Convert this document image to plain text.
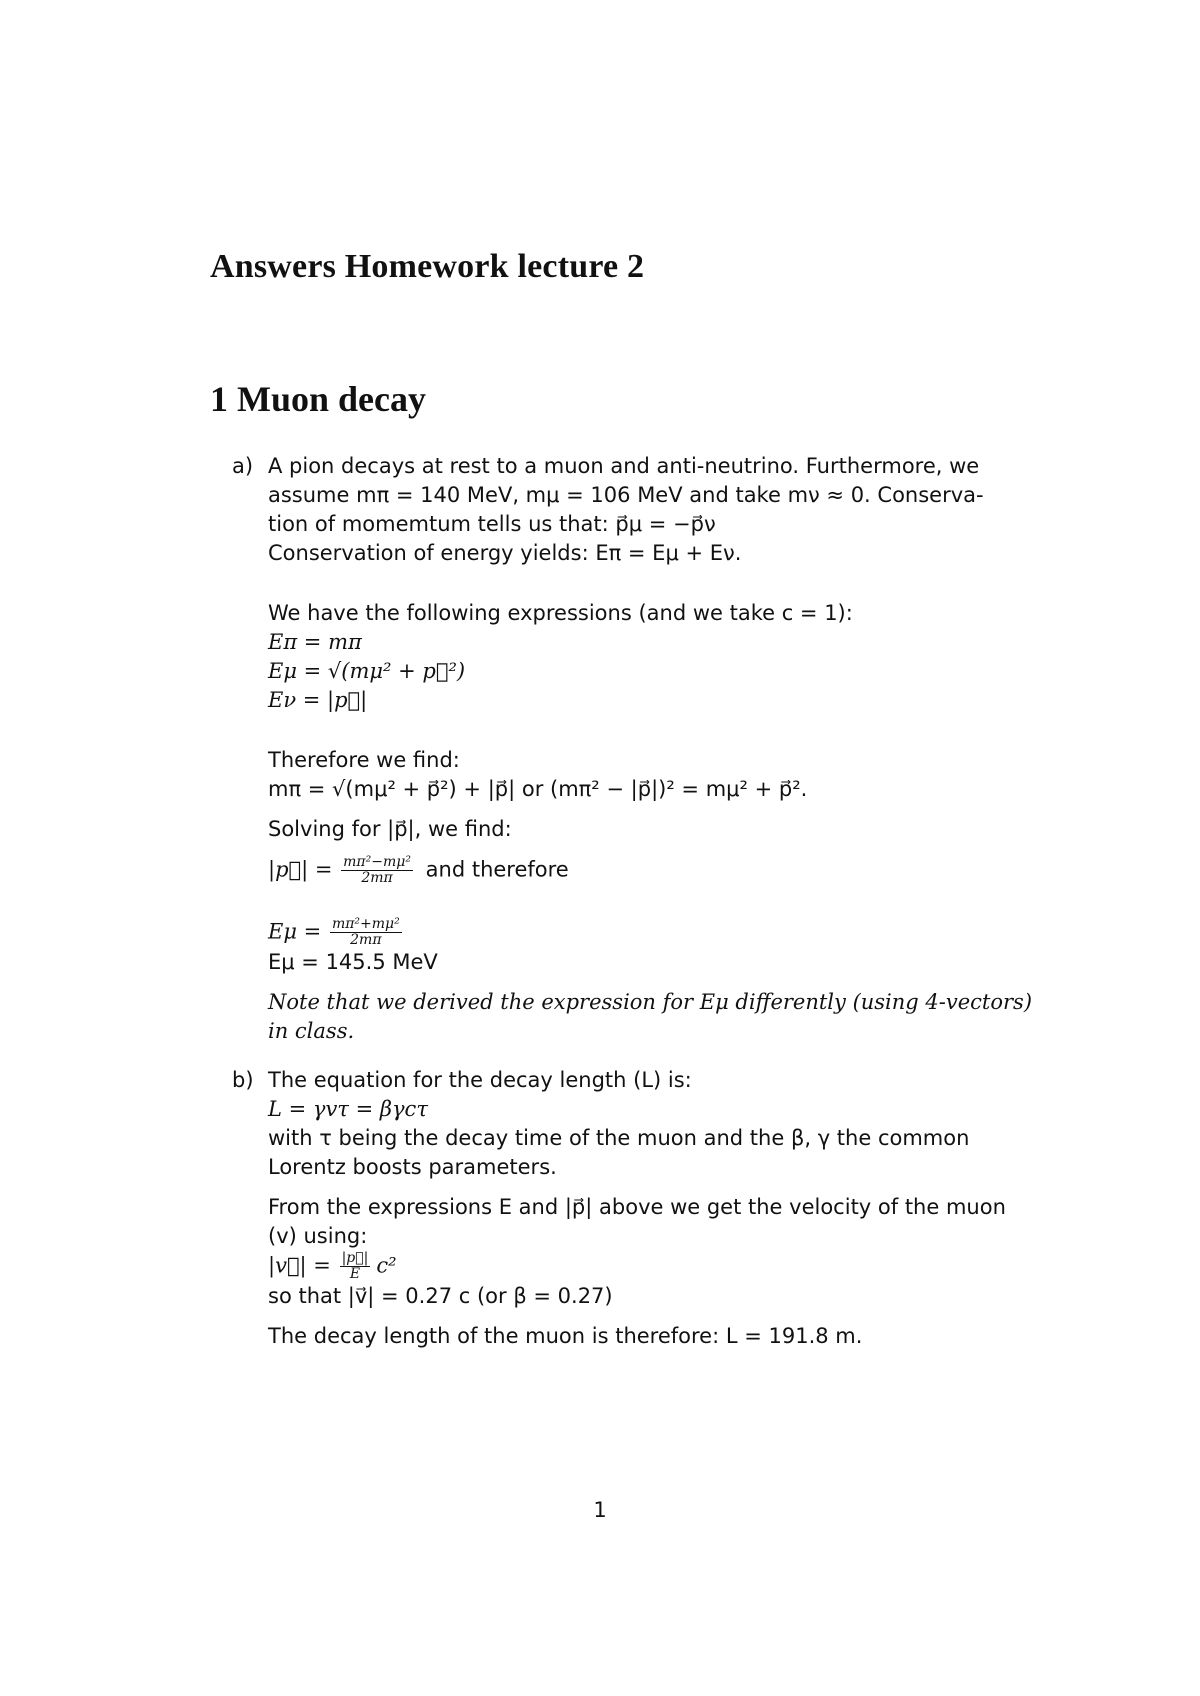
Answers Homework lecture 2
1 Muon decay
a) A pion decays at rest to a muon and anti-neutrino. Furthermore, we
assume mπ = 140 MeV, mμ = 106 MeV and take mν ≈ 0. Conserva-
tion of momemtum tells us that: p⃗μ = −p⃗ν
Conservation of energy yields: Eπ = Eμ + Eν.
We have the following expressions (and we take c = 1):
Eπ = mπ
Eμ = √(mμ² + p⃗²)
Eν = |p⃗|
Therefore we find:
mπ = √(mμ² + p⃗²) + |p⃗| or (mπ² − |p⃗|)² = mμ² + p⃗².
Solving for |p⃗|, we find:
|p⃗| = $\frac{\text{mπ²−mμ²}}{2m\pi}$ and therefore
$E\mu = \frac{\text{mπ²+mμ²}}{2m\pi}$
Eμ = 145.5 MeV
Note that we derived the expression for Eμ differently (using 4-vectors)
in class.
b) The equation for the decay length (L) is:
L = γvτ = βγcτ
with τ being the decay time of the muon and the β, γ the common
Lorentz boosts parameters.
From the expressions E and |p⃗| above we get the velocity of the muon
(v) using:
|v⃗| = $\frac{|p⃗|}{E} c^2$
so that |v⃗| = 0.27 c (or β = 0.27)
The decay length of the muon is therefore: L = 191.8 m.
1
